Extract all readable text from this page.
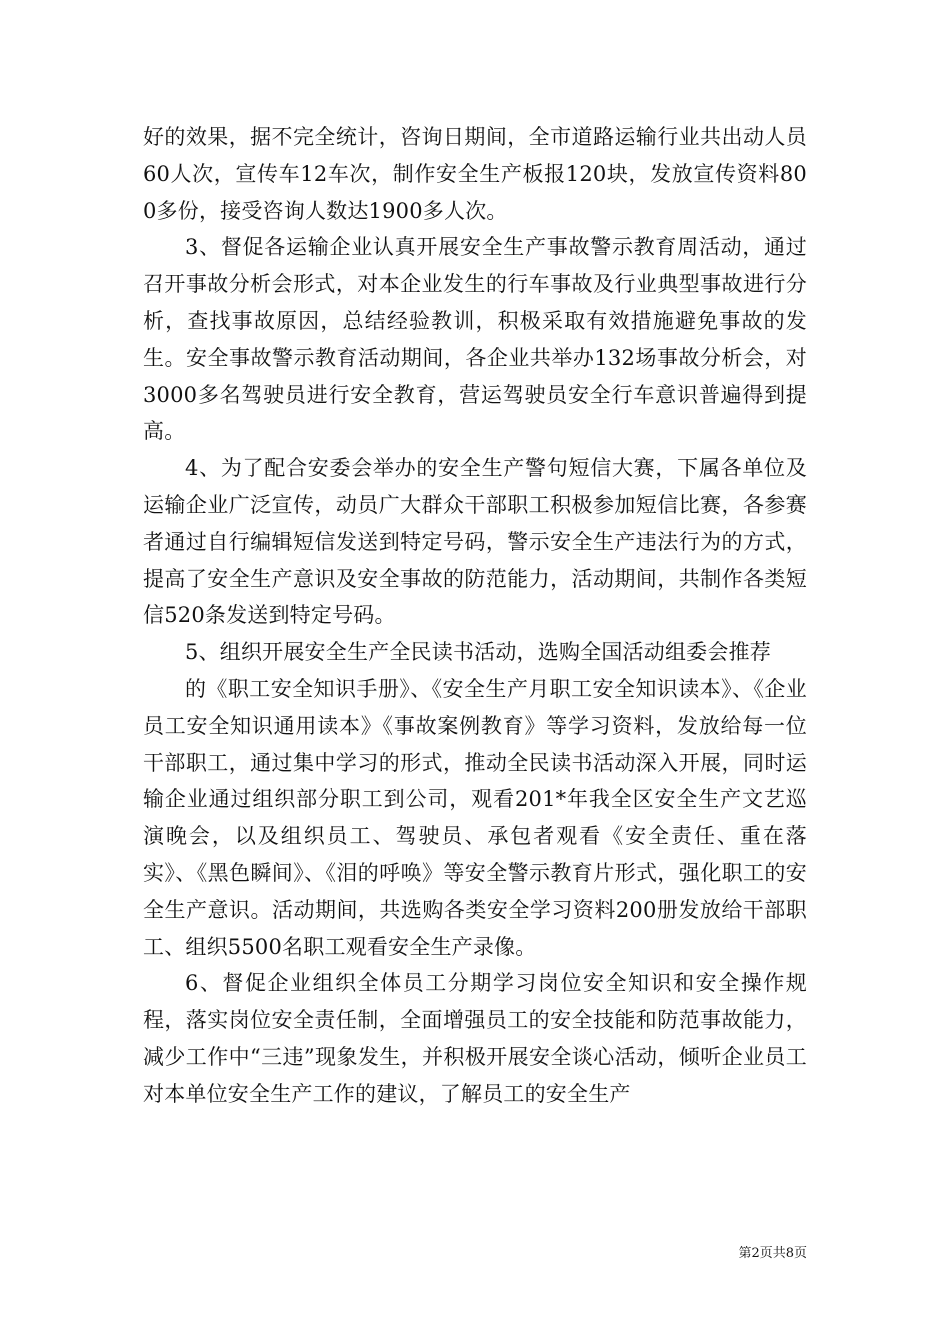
好的效果，据不完全统计，咨询日期间，全市道路运输行业共出动人员60人次，宣传车12车次，制作安全生产板报120块，发放宣传资料800多份，接受咨询人数达1900多人次。

3、督促各运输企业认真开展安全生产事故警示教育周活动，通过召开事故分析会形式，对本企业发生的行车事故及行业典型事故进行分析，查找事故原因，总结经验教训，积极采取有效措施避免事故的发生。安全事故警示教育活动期间，各企业共举办132场事故分析会，对3000多名驾驶员进行安全教育，营运驾驶员安全行车意识普遍得到提高。

4、为了配合安委会举办的安全生产警句短信大赛，下属各单位及运输企业广泛宣传，动员广大群众干部职工积极参加短信比赛，各参赛者通过自行编辑短信发送到特定号码，警示安全生产违法行为的方式，提高了安全生产意识及安全事故的防范能力，活动期间，共制作各类短信520条发送到特定号码。

5、组织开展安全生产全民读书活动，选购全国活动组委会推荐

的《职工安全知识手册》、《安全生产月职工安全知识读本》、《企业员工安全知识通用读本》《事故案例教育》等学习资料，发放给每一位干部职工，通过集中学习的形式，推动全民读书活动深入开展，同时运输企业通过组织部分职工到公司，观看201*年我全区安全生产文艺巡演晚会，以及组织员工、驾驶员、承包者观看《安全责任、重在落实》、《黑色瞬间》、《泪的呼唤》等安全警示教育片形式，强化职工的安全生产意识。活动期间，共选购各类安全学习资料200册发放给干部职工、组织5500名职工观看安全生产录像。

6、督促企业组织全体员工分期学习岗位安全知识和安全操作规程，落实岗位安全责任制，全面增强员工的安全技能和防范事故能力，减少工作中“三违”现象发生，并积极开展安全谈心活动，倾听企业员工对本单位安全生产工作的建议，了解员工的安全生产

第2页共8页
